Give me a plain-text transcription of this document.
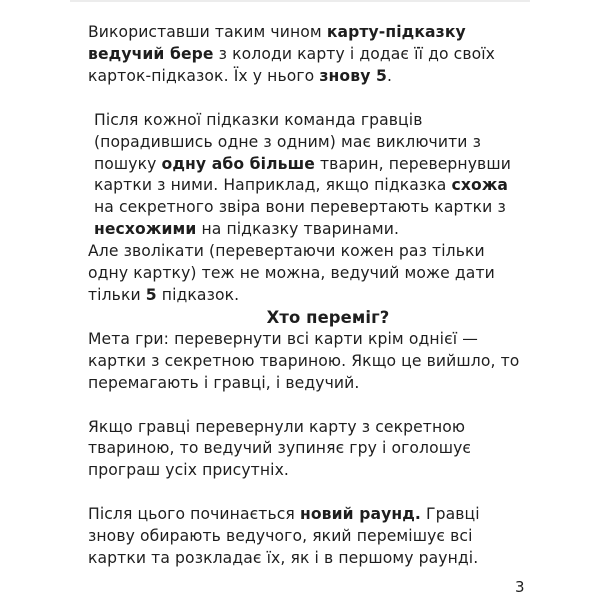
Використавши таким чином карту-підказку
ведучий бере з колоди карту і додає її до своїх карток-підказок. Їх у нього знову 5.

Після кожної підказки команда гравців (порадившись одне з одним) має виключити з пошуку одну або більше тварин, перевернувши картки з ними. Наприклад, якщо підказка схожа на секретного звіра вони перевертають картки з несхожими на підказку тваринами.

Але зволікати (перевертаючи кожен раз тільки одну картку) теж не можна, ведучий може дати тільки 5 підказок.

Хто переміг?

Мета гри: перевернути всі карти крім однієї — картки з секретною твариною. Якщо це вийшло, то перемагають і гравці, і ведучий.

Якщо гравці перевернули карту з секретною твариною, то ведучий зупиняє гру і оголошує програш усіх присутніх.

Після цього починається новий раунд. Гравці знову обирають ведучого, який перемішує всі картки та розкладає їх, як і в першому раунді.

3
